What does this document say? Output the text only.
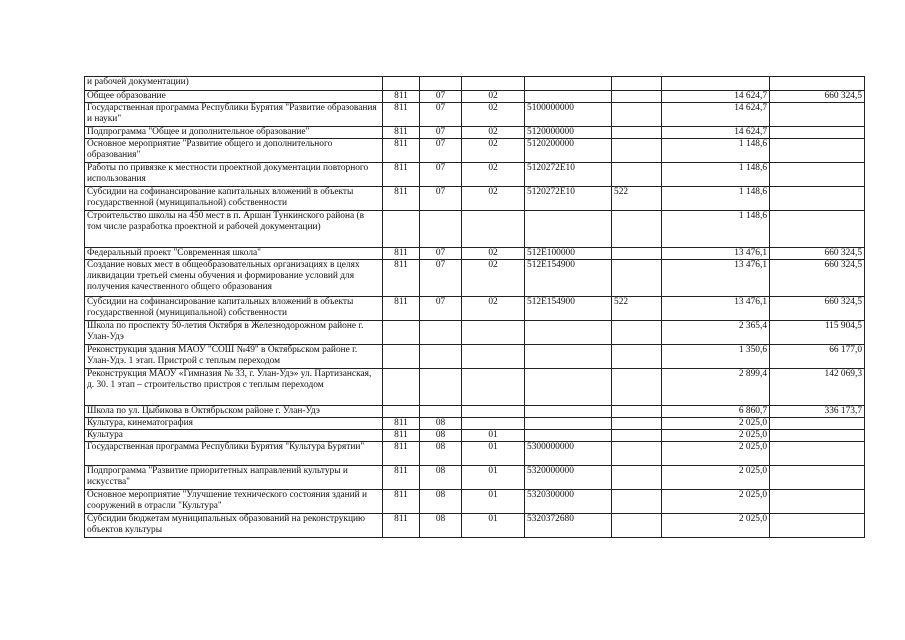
и рабочей документации)							
Общее образование	811	07	02			14 624,7	660 324,5
Государственная программа Республики Бурятия "Развитие образования и науки"	811	07	02	5100000000		14 624,7	
Подпрограмма "Общее и дополнительное образование"	811	07	02	5120000000		14 624,7	
Основное мероприятие "Развитие общего и дополнительного образования"	811	07	02	5120200000		1 148,6	
Работы по привязке к местности проектной документации повторного использования	811	07	02	5120272E10		1 148,6	
Субсидии на софинансирование капитальных вложений в объекты государственной (муниципальной) собственности	811	07	02	5120272E10	522	1 148,6	
Строительство школы на 450 мест в п. Аршан Тункинского района (в том числе разработка проектной и рабочей документации)						1 148,6	
Федеральный проект "Современная школа"	811	07	02	512E100000		13 476,1	660 324,5
Создание новых мест в общеобразовательных организациях в целях ликвидации третьей смены обучения и формирование условий для получения качественного общего образования	811	07	02	512E154900		13 476,1	660 324,5
Субсидии на софинансирование капитальных вложений в объекты государственной (муниципальной) собственности	811	07	02	512E154900	522	13 476,1	660 324,5
Школа по проспекту 50-летия Октября в Железнодорожном районе г. Улан-Удэ						2 365,4	115 904,5
Реконструкция здания МАОУ "СОШ №49" в Октябрьском районе г. Улан-Удэ. 1 этап. Пристрой с теплым переходом						1 350,6	66 177,0
Реконструкция МАОУ «Гимназия № 33, г. Улан-Удэ» ул. Партизанская, д. 30. 1 этап – строительство пристроя с теплым переходом						2 899,4	142 069,3
Школа по ул. Цыбикова в Октябрьском районе г. Улан-Удэ						6 860,7	336 173,7
Культура, кинематография	811	08				2 025,0	
Культура	811	08	01			2 025,0	
Государственная программа Республики Бурятия "Культура Бурятии"	811	08	01	5300000000		2 025,0	
Подпрограмма "Развитие приоритетных направлений культуры и искусства"	811	08	01	5320000000		2 025,0	
Основное мероприятие "Улучшение технического состояния зданий и сооружений в отрасли "Культура"	811	08	01	5320300000		2 025,0	
Субсидии бюджетам муниципальных образований на реконструкцию объектов культуры	811	08	01	5320372680		2 025,0	
